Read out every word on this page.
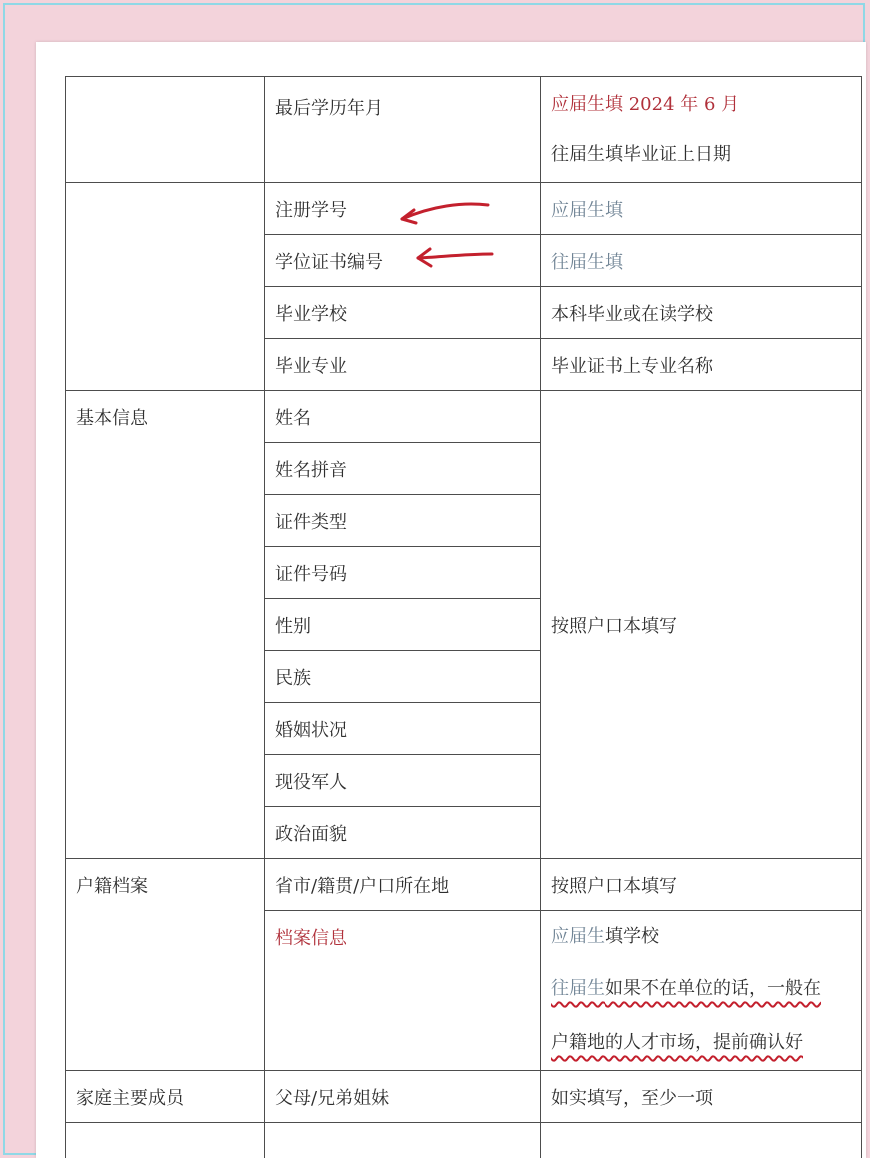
	最后学历年月	应届生填 2024 年 6 月
往届生填毕业证上日期

	注册学号	应届生填
	学位证书编号	往届生填
	毕业学校	本科毕业或在读学校
	毕业专业	毕业证书上专业名称
基本信息	姓名	按照户口本填写
	姓名拼音	
	证件类型	
	证件号码	
	性别	
	民族	
	婚姻状况	
	现役军人	
	政治面貌	
户籍档案	省市/籍贯/户口所在地	按照户口本填写
	档案信息	应届生填学校
往届生如果不在单位的话，一般在
户籍地的人才市场，提前确认好

家庭主要成员	父母/兄弟姐妹	如实填写，至少一项
